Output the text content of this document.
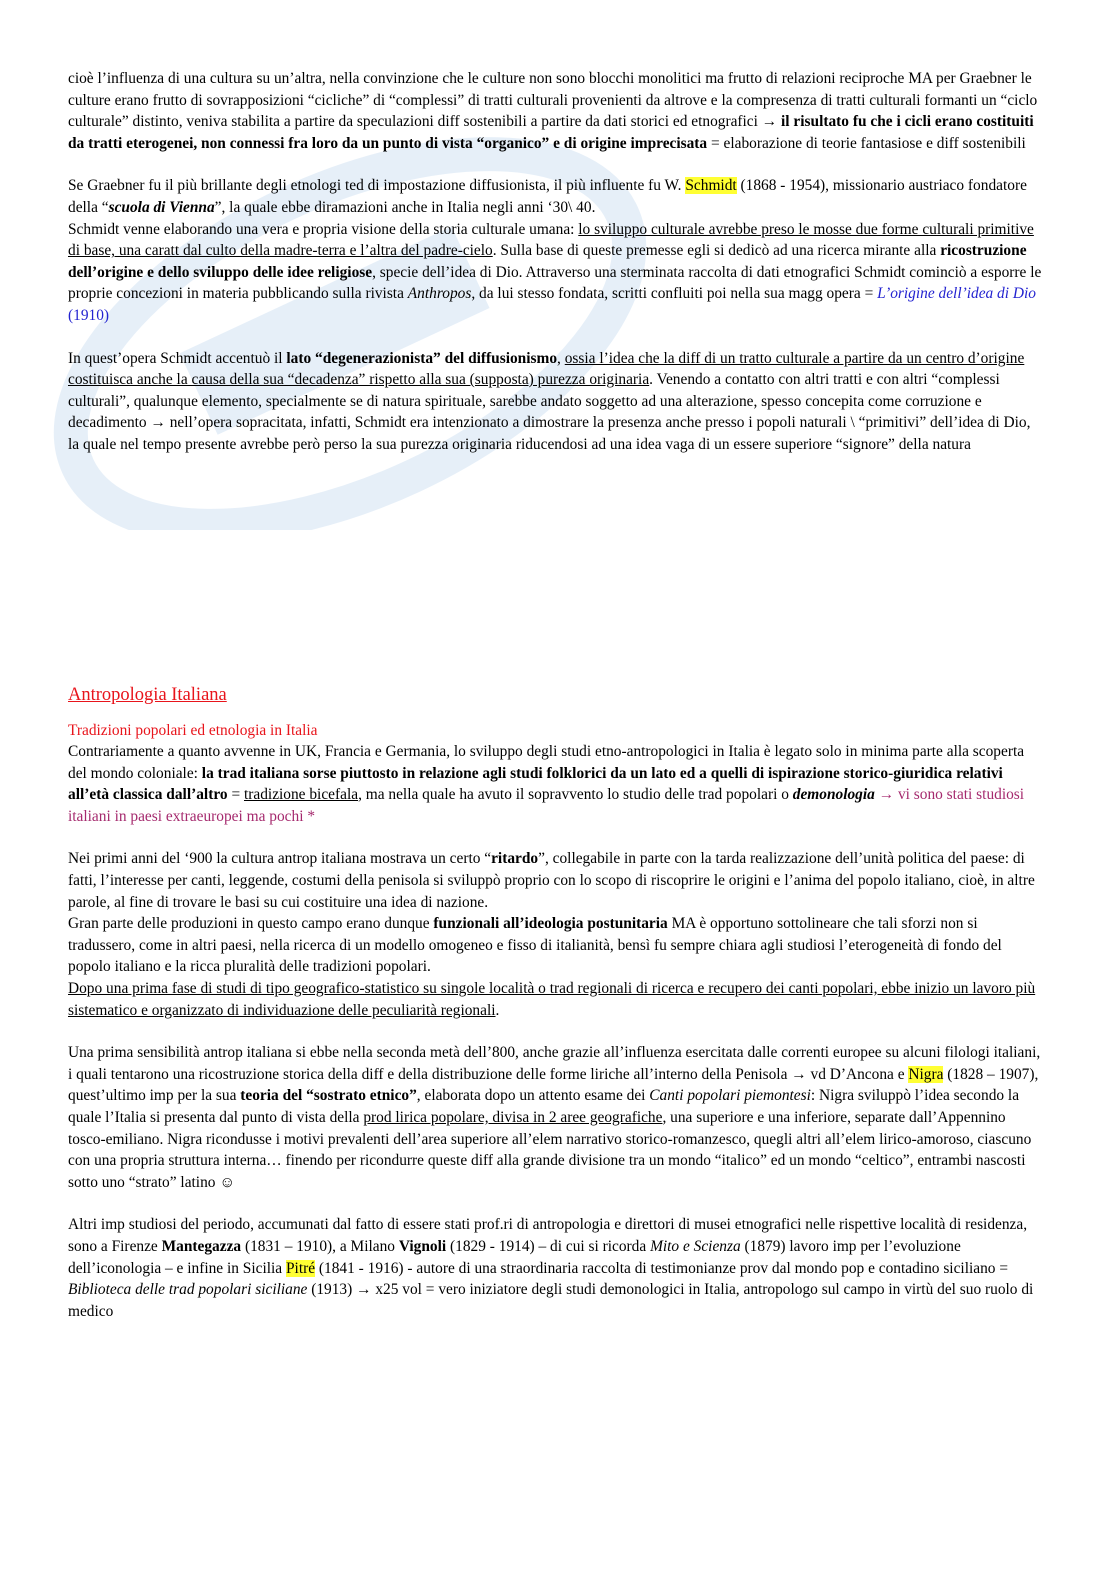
cioè l’influenza di una cultura su un’altra, nella convinzione che le culture non sono blocchi monolitici ma frutto di relazioni reciproche MA per Graebner le culture erano frutto di sovrapposizioni “cicliche” di “complessi” di tratti culturali provenienti da altrove e la compresenza di tratti culturali formanti un “ciclo culturale” distinto, veniva stabilita a partire da speculazioni diff sostenibili a partire da dati storici ed etnografici → il risultato fu che i cicli erano costituiti da tratti eterogenei, non connessi fra loro da un punto di vista “organico” e di origine imprecisata = elaborazione di teorie fantasiose e diff sostenibili

Se Graebner fu il più brillante degli etnologi ted di impostazione diffusionista, il più influente fu W. Schmidt (1868 - 1954), missionario austriaco fondatore della “scuola di Vienna”, la quale ebbe diramazioni anche in Italia negli anni ‘30\ 40.

Schmidt venne elaborando una vera e propria visione della storia culturale umana: lo sviluppo culturale avrebbe preso le mosse due forme culturali primitive di base, una caratt dal culto della madre-terra e l’altra del padre-cielo. Sulla base di queste premesse egli si dedicò ad una ricerca mirante alla ricostruzione dell’origine e dello sviluppo delle idee religiose, specie dell’idea di Dio. Attraverso una sterminata raccolta di dati etnografici Schmidt cominciò a esporre le proprie concezioni in materia pubblicando sulla rivista Anthropos, da lui stesso fondata, scritti confluiti poi nella sua magg opera = L’origine dell’idea di Dio (1910)

In quest’opera Schmidt accentuò il lato “degenerazionista” del diffusionismo, ossia l’idea che la diff di un tratto culturale a partire da un centro d’origine costituisca anche la causa della sua “decadenza” rispetto alla sua (supposta) purezza originaria. Venendo a contatto con altri tratti e con altri “complessi culturali”, qualunque elemento, specialmente se di natura spirituale, sarebbe andato soggetto ad una alterazione, spesso concepita come corruzione e decadimento → nell’opera sopracitata, infatti, Schmidt era intenzionato a dimostrare la presenza anche presso i popoli naturali \ “primitivi” dell’idea di Dio, la quale nel tempo presente avrebbe però perso la sua purezza originaria riducendosi ad una idea vaga di un essere superiore “signore” della natura

Antropologia Italiana

Tradizioni popolari ed etnologia in Italia

Contrariamente a quanto avvenne in UK, Francia e Germania, lo sviluppo degli studi etno-antropologici in Italia è legato solo in minima parte alla scoperta del mondo coloniale: la trad italiana sorse piuttosto in relazione agli studi folklorici da un lato ed a quelli di ispirazione storico-giuridica relativi all’età classica dall’altro = tradizione bicefala, ma nella quale ha avuto il sopravvento lo studio delle trad popolari o demonologia → vi sono stati studiosi italiani in paesi extraeuropei ma pochi *

Nei primi anni del ‘900 la cultura antrop italiana mostrava un certo “ritardo”, collegabile in parte con la tarda realizzazione dell’unità politica del paese: di fatti, l’interesse per canti, leggende, costumi della penisola si sviluppò proprio con lo scopo di riscoprire le origini e l’anima del popolo italiano, cioè, in altre parole, al fine di trovare le basi su cui costituire una idea di nazione.

Gran parte delle produzioni in questo campo erano dunque funzionali all’ideologia postunitaria MA è opportuno sottolineare che tali sforzi non si tradussero, come in altri paesi, nella ricerca di un modello omogeneo e fisso di italianità, bensì fu sempre chiara agli studiosi l’eterogeneità di fondo del popolo italiano e la ricca pluralità delle tradizioni popolari.

Dopo una prima fase di studi di tipo geografico-statistico su singole località o trad regionali di ricerca e recupero dei canti popolari, ebbe inizio un lavoro più sistematico e organizzato di individuazione delle peculiarità regionali.

Una prima sensibilità antrop italiana si ebbe nella seconda metà dell’800, anche grazie all’influenza esercitata dalle correnti europee su alcuni filologi italiani, i quali tentarono una ricostruzione storica della diff e della distribuzione delle forme liriche all’interno della Penisola → vd D’Ancona e Nigra (1828 – 1907), quest’ultimo imp per la sua teoria del “sostrato etnico”, elaborata dopo un attento esame dei Canti popolari piemontesi: Nigra sviluppò l’idea secondo la quale l’Italia si presenta dal punto di vista della prod lirica popolare, divisa in 2 aree geografiche, una superiore e una inferiore, separate dall’Appennino tosco-emiliano. Nigra ricondusse i motivi prevalenti dell’area superiore all’elem narrativo storico-romanzesco, quegli altri all’elem lirico-amoroso, ciascuno con una propria struttura interna… finendo per ricondurre queste diff alla grande divisione tra un mondo “italico” ed un mondo “celtico”, entrambi nascosti sotto uno “strato” latino ☺

Altri imp studiosi del periodo, accumunati dal fatto di essere stati prof.ri di antropologia e direttori di musei etnografici nelle rispettive località di residenza, sono a Firenze Mantegazza (1831 – 1910), a Milano Vignoli (1829 - 1914) – di cui si ricorda Mito e Scienza (1879) lavoro imp per l’evoluzione dell’iconologia – e infine in Sicilia Pitré (1841 - 1916) - autore di una straordinaria raccolta di testimonianze prov dal mondo pop e contadino siciliano = Biblioteca delle trad popolari siciliane (1913) → x25 vol = vero iniziatore degli studi demonologici in Italia, antropologo sul campo in virtù del suo ruolo di medico
